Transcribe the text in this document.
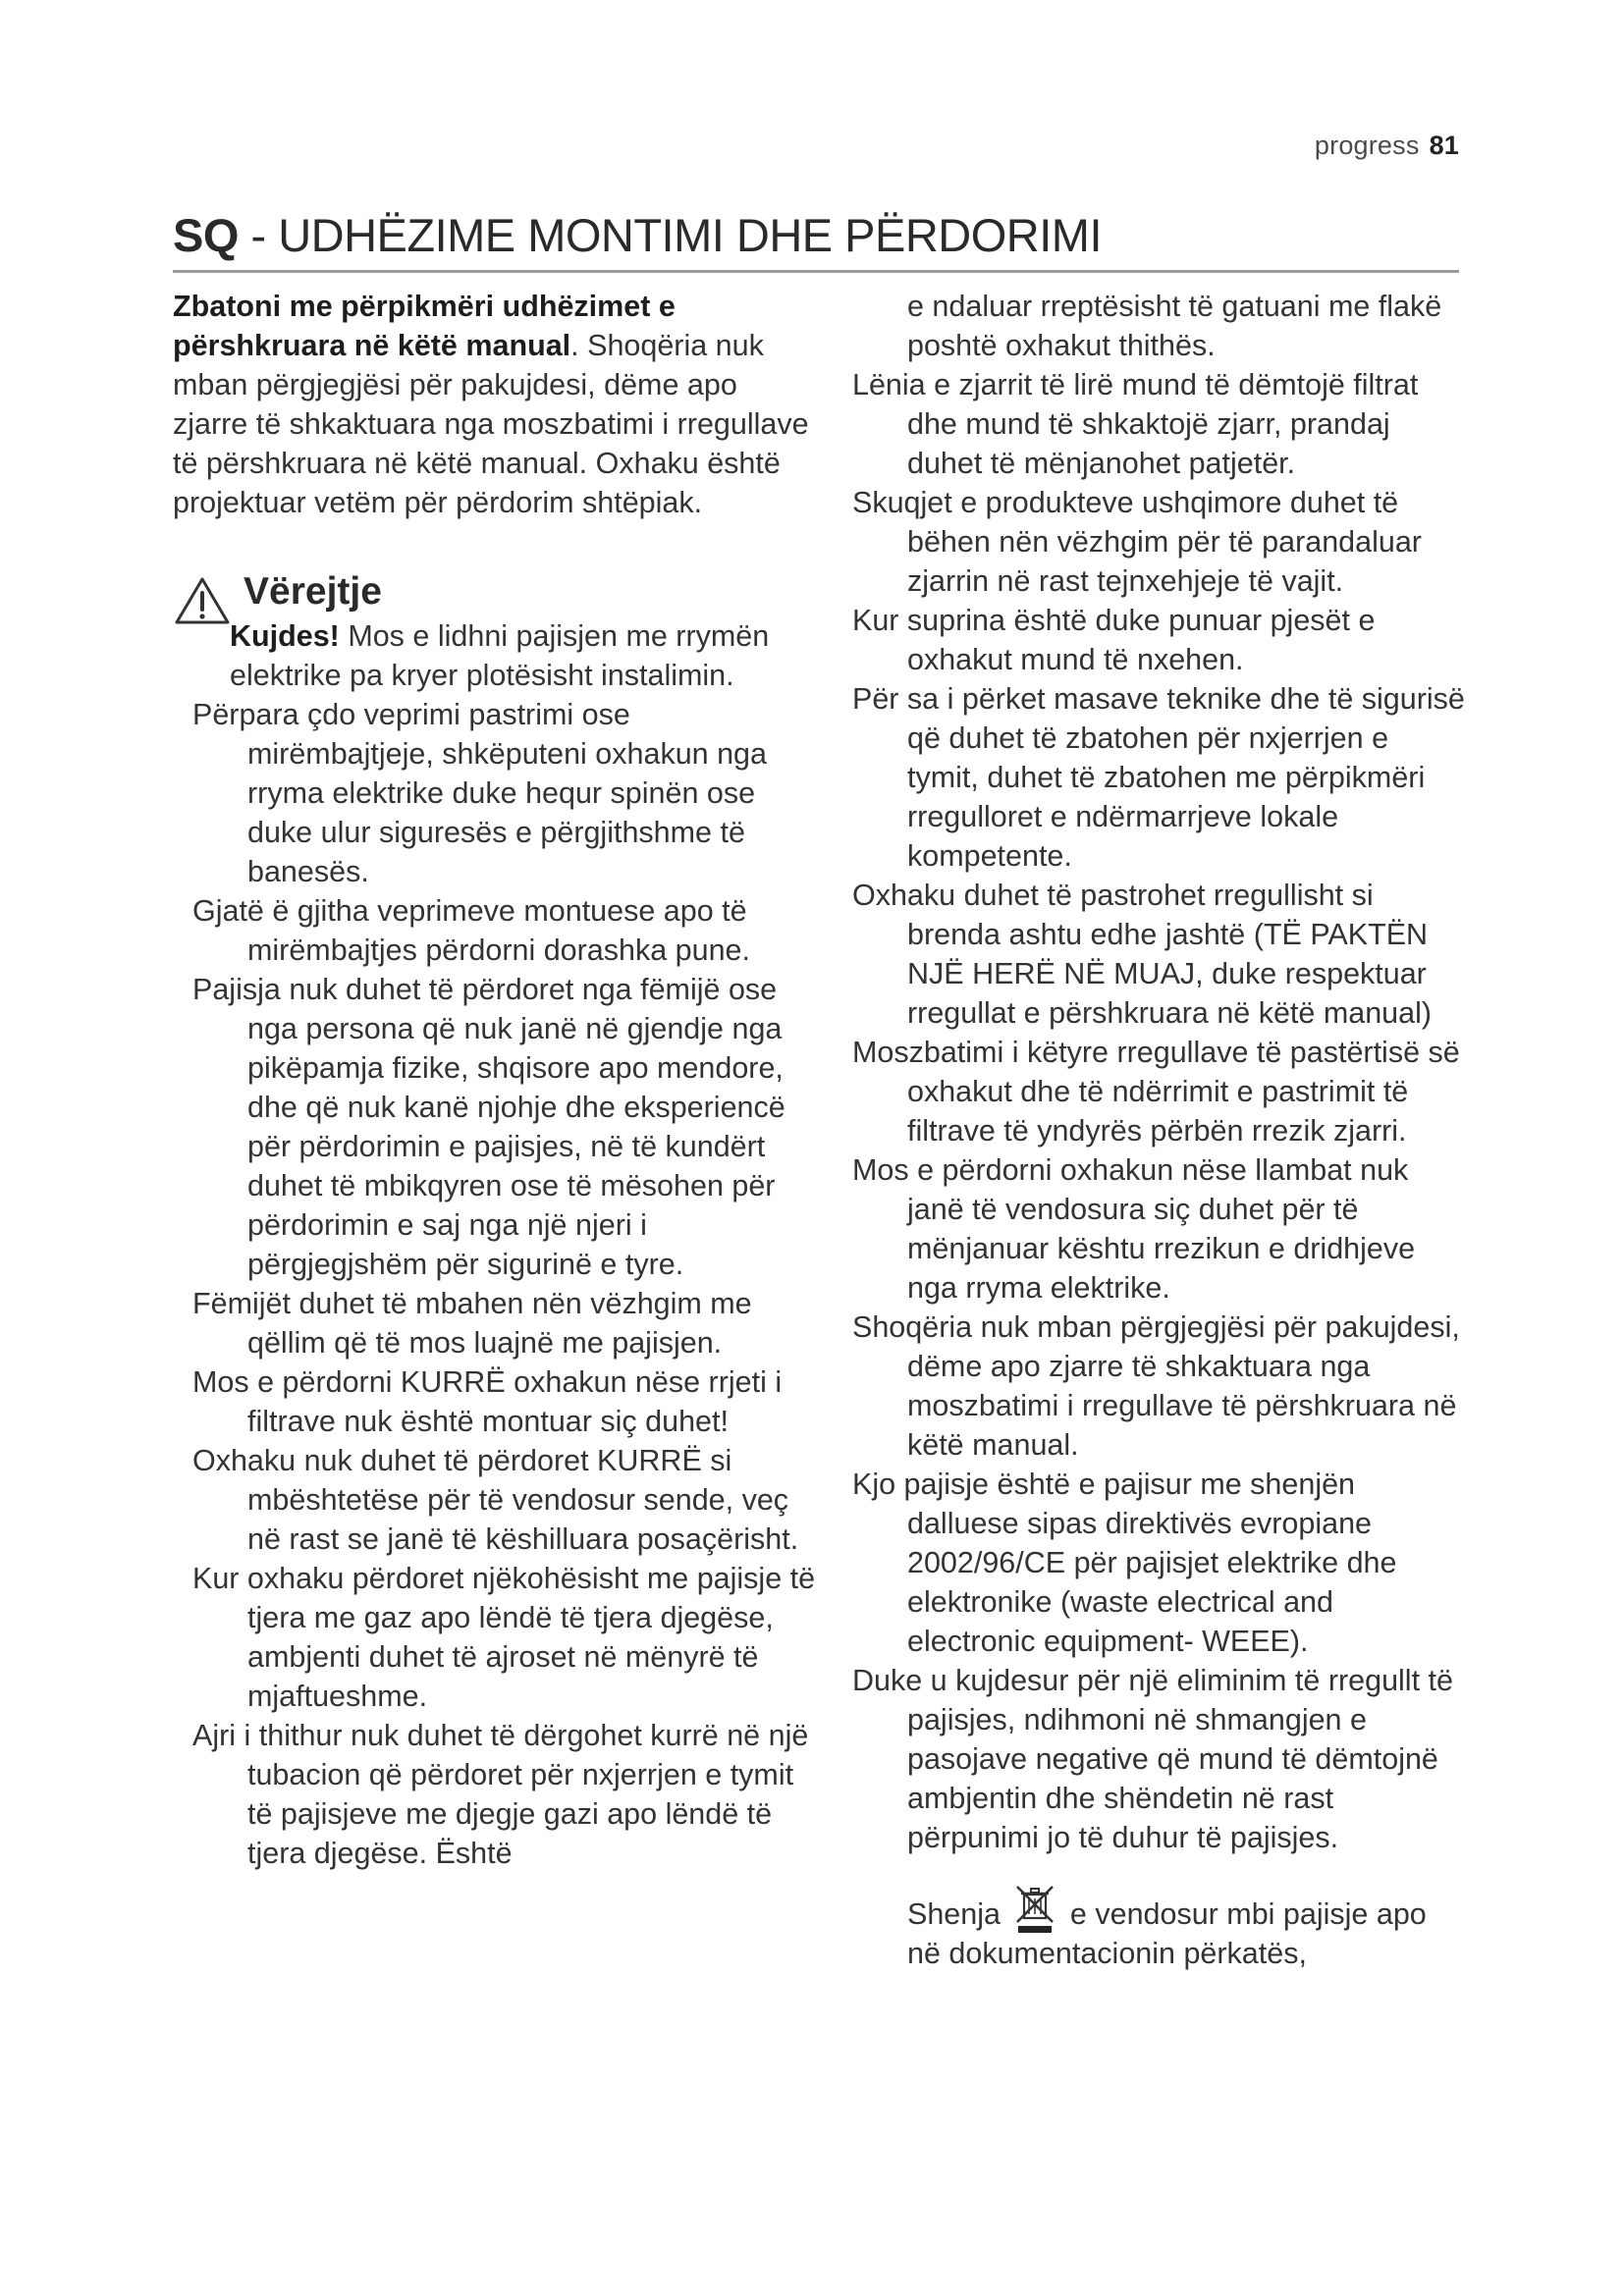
progress 81
SQ - UDHËZIME MONTIMI DHE PËRDORIMI

Zbatoni me përpikmëri udhëzimet e përshkruara në këtë manual. Shoqëria nuk mban përgjegjësi për pakujdesi, dëme apo zjarre të shkaktuara nga moszbatimi i rregullave të përshkruara në këtë manual. Oxhaku është projektuar vetëm për përdorim shtëpiak.

Vërejtje

Kujdes! Mos e lidhni pajisjen me rrymën elektrike pa kryer plotësisht instalimin.

Përpara çdo veprimi pastrimi ose mirëmbajtjeje, shkëputeni oxhakun nga rryma elektrike duke hequr spinën ose duke ulur siguresës e përgjithshme të banesës.

Gjatë ë gjitha veprimeve montuese apo të mirëmbajtjes përdorni dorashka pune.

Pajisja nuk duhet të përdoret nga fëmijë ose nga persona që nuk janë në gjendje nga pikëpamja fizike, shqisore apo mendore, dhe që nuk kanë njohje dhe eksperiencë për përdorimin e pajisjes, në të kundërt duhet të mbikqyren ose të mësohen për përdorimin e saj nga një njeri i përgjegjshëm për sigurinë e tyre.

Fëmijët duhet të mbahen nën vëzhgim me qëllim që të mos luajnë me pajisjen.

Mos e përdorni KURRË oxhakun nëse rrjeti i filtrave nuk është montuar siç duhet!

Oxhaku nuk duhet të përdoret KURRË si mbështetëse për të vendosur sende, veç në rast se janë të këshilluara posaçërisht.

Kur oxhaku përdoret njëkohësisht me pajisje të tjera me gaz apo lëndë të tjera djegëse, ambjenti duhet të ajroset në mënyrë të mjaftueshme.

Ajri i thithur nuk duhet të dërgohet kurrë në një tubacion që përdoret për nxjerrjen e tymit të pajisjeve me djegje gazi apo lëndë të tjera djegëse. Është

e ndaluar rreptësisht të gatuani me flakë poshtë oxhakut thithës.

Lënia e zjarrit të lirë mund të dëmtojë filtrat dhe mund të shkaktojë zjarr, prandaj duhet të mënjanohet patjetër.

Skuqjet e produkteve ushqimore duhet të bëhen nën vëzhgim për të parandaluar zjarrin në rast tejnxehjeje të vajit.

Kur suprina është duke punuar pjesët e oxhakut mund të nxehen.

Për sa i përket masave teknike dhe të sigurisë që duhet të zbatohen për nxjerrjen e tymit, duhet të zbatohen me përpikmëri rregulloret e ndërmarrjeve lokale kompetente.

Oxhaku duhet të pastrohet rregullisht si brenda ashtu edhe jashtë (TË PAKTËN NJË HERË NË MUAJ, duke respektuar rregullat e përshkruara në këtë manual)

Moszbatimi i këtyre rregullave të pastërtisë së oxhakut dhe të ndërrimit e pastrimit të filtrave të yndyrës përbën rrezik zjarri.

Mos e përdorni oxhakun nëse llambat nuk janë të vendosura siç duhet për të mënjanuar kështu rrezikun e dridhjeve nga rryma elektrike.

Shoqëria nuk mban përgjegjësi për pakujdesi, dëme apo zjarre të shkaktuara nga moszbatimi i rregullave të përshkruara në këtë manual.

Kjo pajisje është e pajisur me shenjën dalluese sipas direktivës evropiane 2002/96/CE për pajisjet elektrike dhe elektronike (waste electrical and electronic equipment- WEEE).

Duke u kujdesur për një eliminim të rregullt të pajisjes, ndihmoni në shmangjen e pasojave negative që mund të dëmtojnë ambjentin dhe shëndetin në rast përpunimi jo të duhur të pajisjes.

Shenja  e vendosur mbi pajisje apo në dokumentacionin përkatës,
